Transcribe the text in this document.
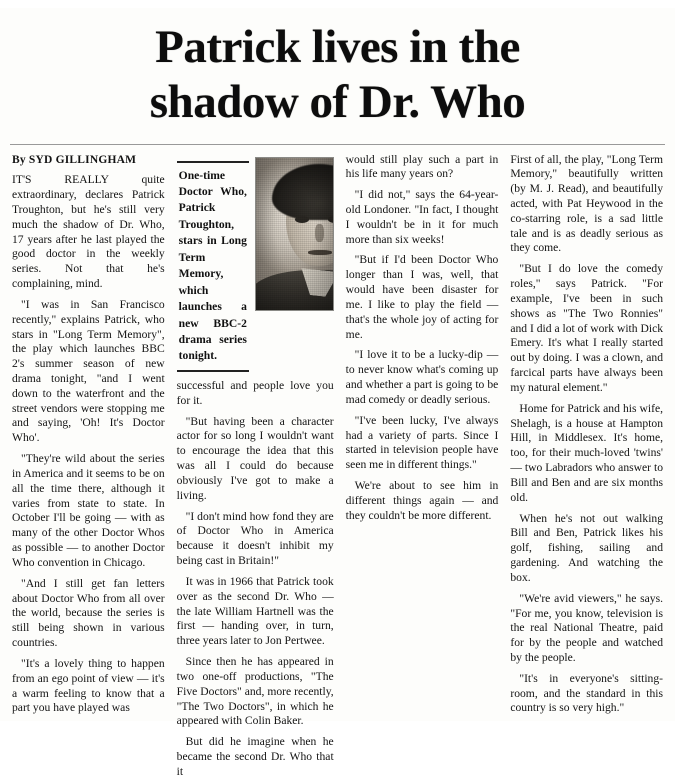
Patrick lives in the
shadow of Dr. Who
By SYD GILLINGHAM

IT'S REALLY quite extraordinary, declares Patrick Troughton, but he's still very much the shadow of Dr. Who, 17 years after he last played the good doctor in the weekly series. Not that he's complaining, mind.

"I was in San Francisco recently," explains Patrick, who stars in "Long Term Memory", the play which launches BBC 2's summer season of new drama tonight, "and I went down to the waterfront and the street vendors were stopping me and saying, 'Oh! It's Doctor Who'.

"They're wild about the series in America and it seems to be on all the time there, although it varies from state to state. In October I'll be going — with as many of the other Doctor Whos as possible — to another Doctor Who convention in Chicago.

"And I still get fan letters about Doctor Who from all over the world, because the series is still being shown in various countries.

"It's a lovely thing to happen from an ego point of view — it's a warm feeling to know that a part you have played was

One-time Doctor Who, Patrick Troughton, stars in Long Term Memory, which launches a new BBC-2 drama series tonight.

successful and people love you for it.

"But having been a character actor for so long I wouldn't want to encourage the idea that this was all I could do because obviously I've got to make a living.

"I don't mind how fond they are of Doctor Who in America because it doesn't inhibit my being cast in Britain!"

It was in 1966 that Patrick took over as the second Dr. Who — the late William Hartnell was the first — handing over, in turn, three years later to Jon Pertwee.

Since then he has appeared in two one-off productions, "The Five Doctors" and, more recently, "The Two Doctors", in which he appeared with Colin Baker.

But did he imagine when he became the second Dr. Who that it

would still play such a part in his life many years on?

"I did not," says the 64-year-old Londoner. "In fact, I thought I wouldn't be in it for much more than six weeks!

"But if I'd been Doctor Who longer than I was, well, that would have been disaster for me. I like to play the field — that's the whole joy of acting for me.

"I love it to be a lucky-dip — to never know what's coming up and whether a part is going to be mad comedy or deadly serious.

"I've been lucky, I've always had a variety of parts. Since I started in television people have seen me in different things."

We're about to see him in different things again — and they couldn't be more different.

First of all, the play, "Long Term Memory," beautifully written (by M. J. Read), and beautifully acted, with Pat Heywood in the co-starring role, is a sad little tale and is as deadly serious as they come.

"But I do love the comedy roles," says Patrick. "For example, I've been in such shows as "The Two Ronnies" and I did a lot of work with Dick Emery. It's what I really started out by doing. I was a clown, and farcical parts have always been my natural element."

Home for Patrick and his wife, Shelagh, is a house at Hampton Hill, in Middlesex. It's home, too, for their much-loved 'twins' — two Labradors who answer to Bill and Ben and are six months old.

When he's not out walking Bill and Ben, Patrick likes his golf, fishing, sailing and gardening. And watching the box.

"We're avid viewers," he says. "For me, you know, television is the real National Theatre, paid for by the people and watched by the people.

"It's in everyone's sitting-room, and the standard in this country is so very high."
